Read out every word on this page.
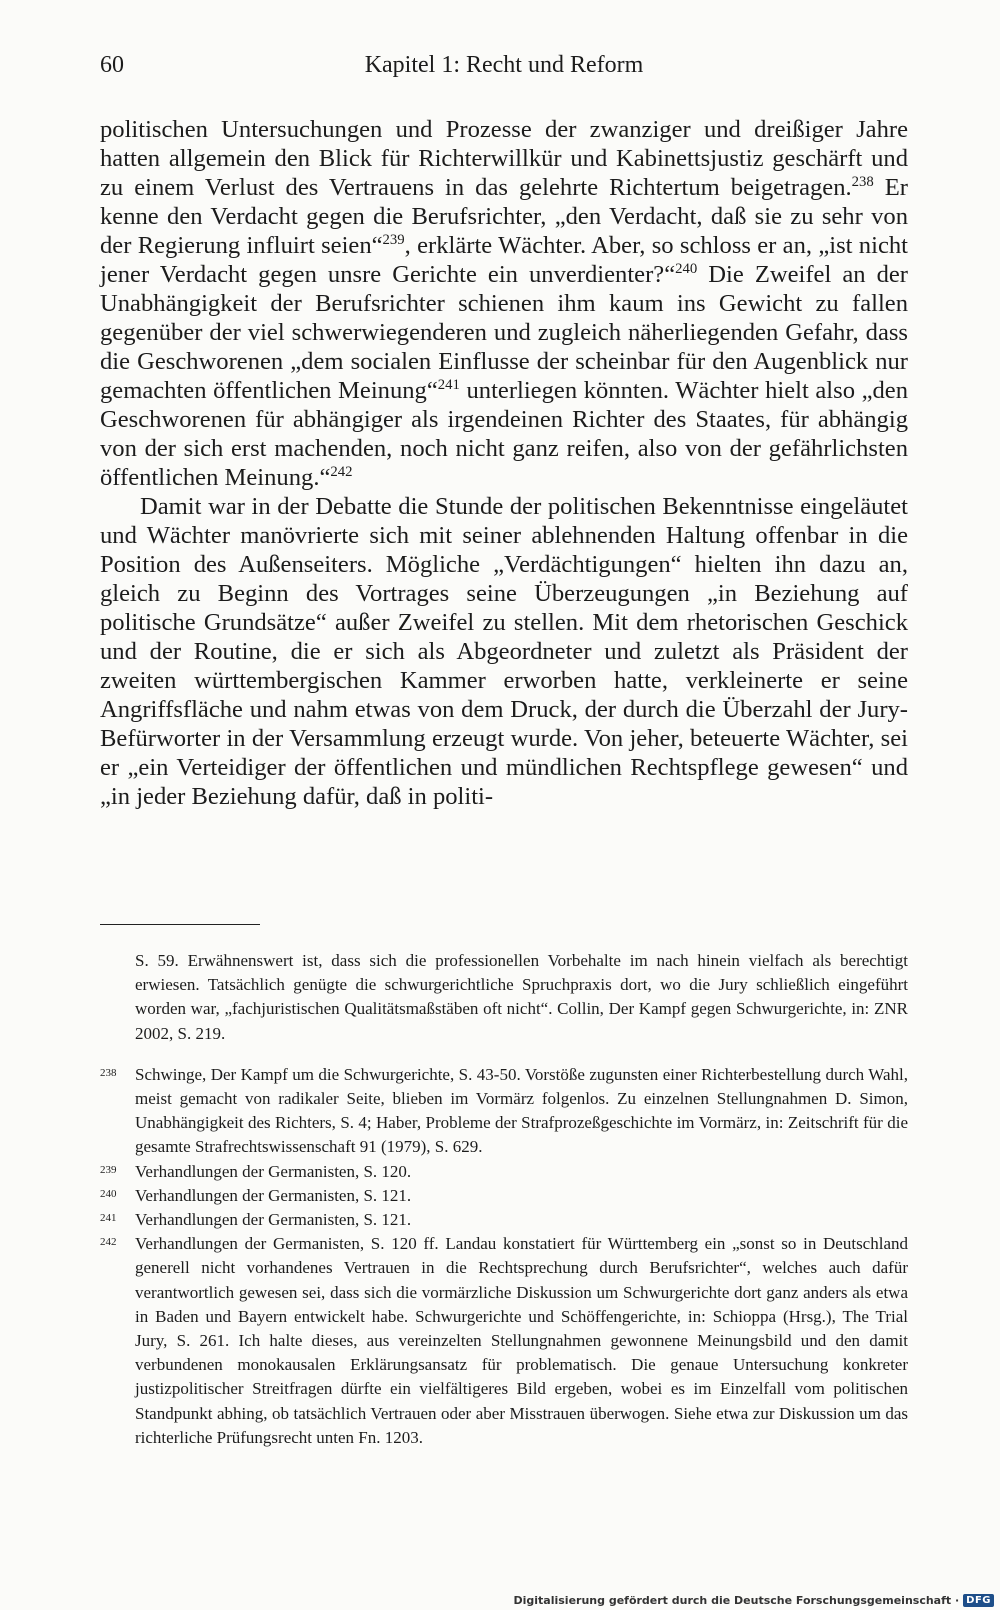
60	Kapitel 1: Recht und Reform

politischen Untersuchungen und Prozesse der zwanziger und dreißiger Jahre hatten allgemein den Blick für Richterwillkür und Kabinettsjustiz geschärft und zu einem Verlust des Vertrauens in das gelehrte Richtertum beigetragen.$^{238}$ Er kenne den Verdacht gegen die Berufsrichter, „den Verdacht, daß sie zu sehr von der Regierung influirt seien“$^{239}$, erklärte Wächter. Aber, so schloss er an, „ist nicht jener Verdacht gegen unsre Gerichte ein unverdienter?“$^{240}$ Die Zweifel an der Unabhängigkeit der Berufsrichter schienen ihm kaum ins Gewicht zu fallen gegenüber der viel schwerwiegenderen und zugleich näherliegenden Gefahr, dass die Geschworenen „dem socialen Einflusse der scheinbar für den Augenblick nur gemachten öffentlichen Meinung“$^{241}$ unterliegen könnten. Wächter hielt also „den Geschworenen für abhängiger als irgendeinen Richter des Staates, für abhängig von der sich erst machenden, noch nicht ganz reifen, also von der gefährlichsten öffentlichen Meinung.“$^{242}$

Damit war in der Debatte die Stunde der politischen Bekenntnisse eingeläutet und Wächter manövrierte sich mit seiner ablehnenden Haltung offenbar in die Position des Außenseiters. Mögliche „Verdächtigungen“ hielten ihn dazu an, gleich zu Beginn des Vortrages seine Überzeugungen „in Beziehung auf politische Grundsätze“ außer Zweifel zu stellen. Mit dem rhetorischen Geschick und der Routine, die er sich als Abgeordneter und zuletzt als Präsident der zweiten württembergischen Kammer erworben hatte, verkleinerte er seine Angriffsfläche und nahm etwas von dem Druck, der durch die Überzahl der Jury-Befürworter in der Versammlung erzeugt wurde. Von jeher, beteuerte Wächter, sei er „ein Verteidiger der öffentlichen und mündlichen Rechtspflege gewesen“ und „in jeder Beziehung dafür, daß in politi-

S. 59. Erwähnenswert ist, dass sich die professionellen Vorbehalte im nach hinein vielfach als berechtigt erwiesen. Tatsächlich genügte die schwurgerichtliche Spruchpraxis dort, wo die Jury schließlich eingeführt worden war, „fachjuristischen Qualitätsmaßstäben oft nicht“. Collin, Der Kampf gegen Schwurgerichte, in: ZNR 2002, S. 219.

238	Schwinge, Der Kampf um die Schwurgerichte, S. 43-50. Vorstöße zugunsten einer Richterbestellung durch Wahl, meist gemacht von radikaler Seite, blieben im Vormärz folgenlos. Zu einzelnen Stellungnahmen D. Simon, Unabhängigkeit des Richters, S. 4; Haber, Probleme der Strafprozeßgeschichte im Vormärz, in: Zeitschrift für die gesamte Strafrechtswissenschaft 91 (1979), S. 629.
239	Verhandlungen der Germanisten, S. 120.
240	Verhandlungen der Germanisten, S. 121.
241	Verhandlungen der Germanisten, S. 121.
242	Verhandlungen der Germanisten, S. 120 ff. Landau konstatiert für Württemberg ein „sonst so in Deutschland generell nicht vorhandenes Vertrauen in die Rechtsprechung durch Berufsrichter“, welches auch dafür verantwortlich gewesen sei, dass sich die vormärzliche Diskussion um Schwurgerichte dort ganz anders als etwa in Baden und Bayern entwickelt habe. Schwurgerichte und Schöffengerichte, in: Schioppa (Hrsg.), The Trial Jury, S. 261. Ich halte dieses, aus vereinzelten Stellungnahmen gewonnene Meinungsbild und den damit verbundenen monokausalen Erklärungsansatz für problematisch. Die genaue Untersuchung konkreter justizpolitischer Streitfragen dürfte ein vielfältigeres Bild ergeben, wobei es im Einzelfall vom politischen Standpunkt abhing, ob tatsächlich Vertrauen oder aber Misstrauen überwogen. Siehe etwa zur Diskussion um das richterliche Prüfungsrecht unten Fn. 1203.
Digitalisierung gefördert durch die Deutsche Forschungsgemeinschaft · DFG
